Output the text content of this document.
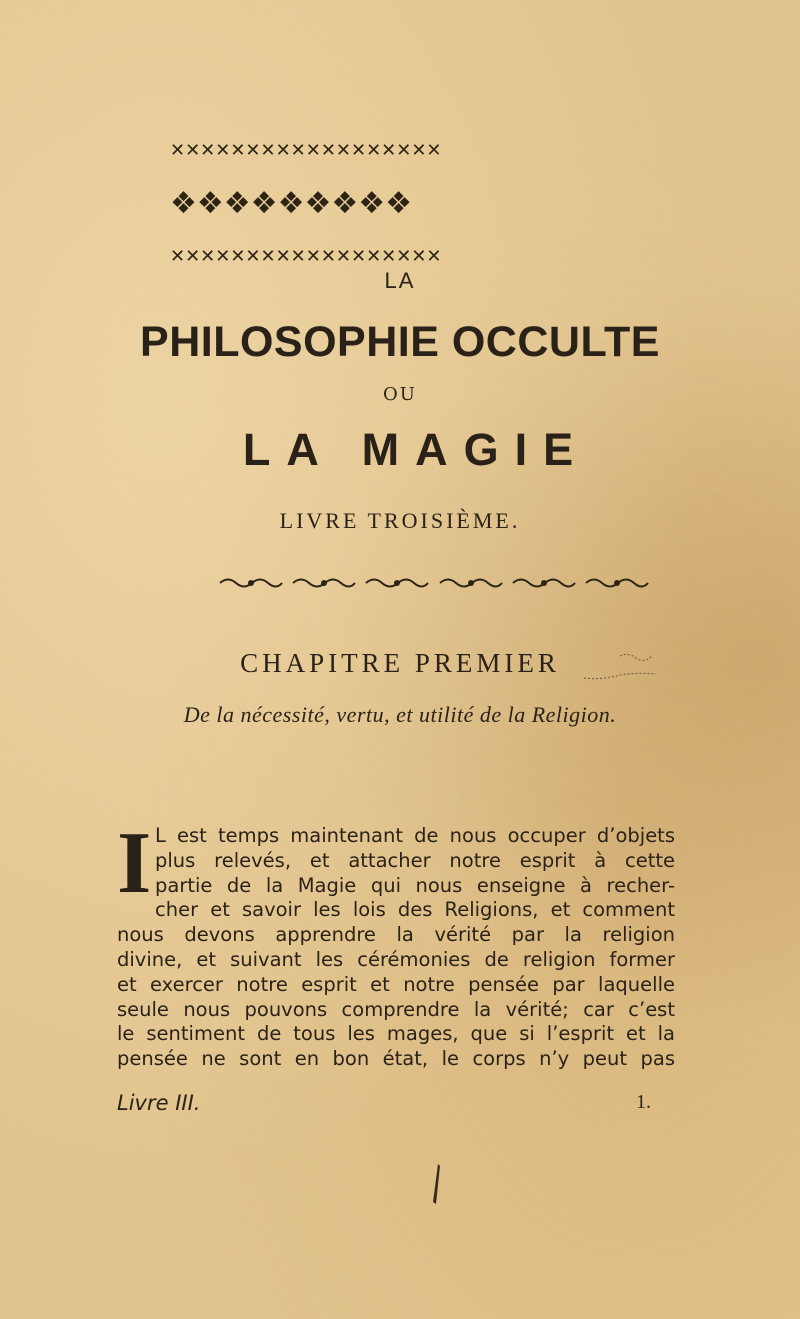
✕✕✕✕✕✕✕✕✕✕✕✕✕✕✕✕✕✕
❖❖❖❖❖❖❖❖❖
✕✕✕✕✕✕✕✕✕✕✕✕✕✕✕✕✕✕
LA
PHILOSOPHIE OCCULTE
OU
LA MAGIE
LIVRE TROISIÈME.
CHAPITRE PREMIER
De la nécessité, vertu, et utilité de la Religion.
I L est temps maintenant de nous occuper d’objets

plus relevés, et attacher notre esprit à cette

partie de la Magie qui nous enseigne à recher-

cher et savoir les lois des Religions, et comment

nous devons apprendre la vérité par la religion

divine, et suivant les cérémonies de religion former

et exercer notre esprit et notre pensée par laquelle

seule nous pouvons comprendre la vérité; car c’est

le sentiment de tous les mages, que si l’esprit et la

pensée ne sont en bon état, le corps n’y peut pas

Livre III.	1.
